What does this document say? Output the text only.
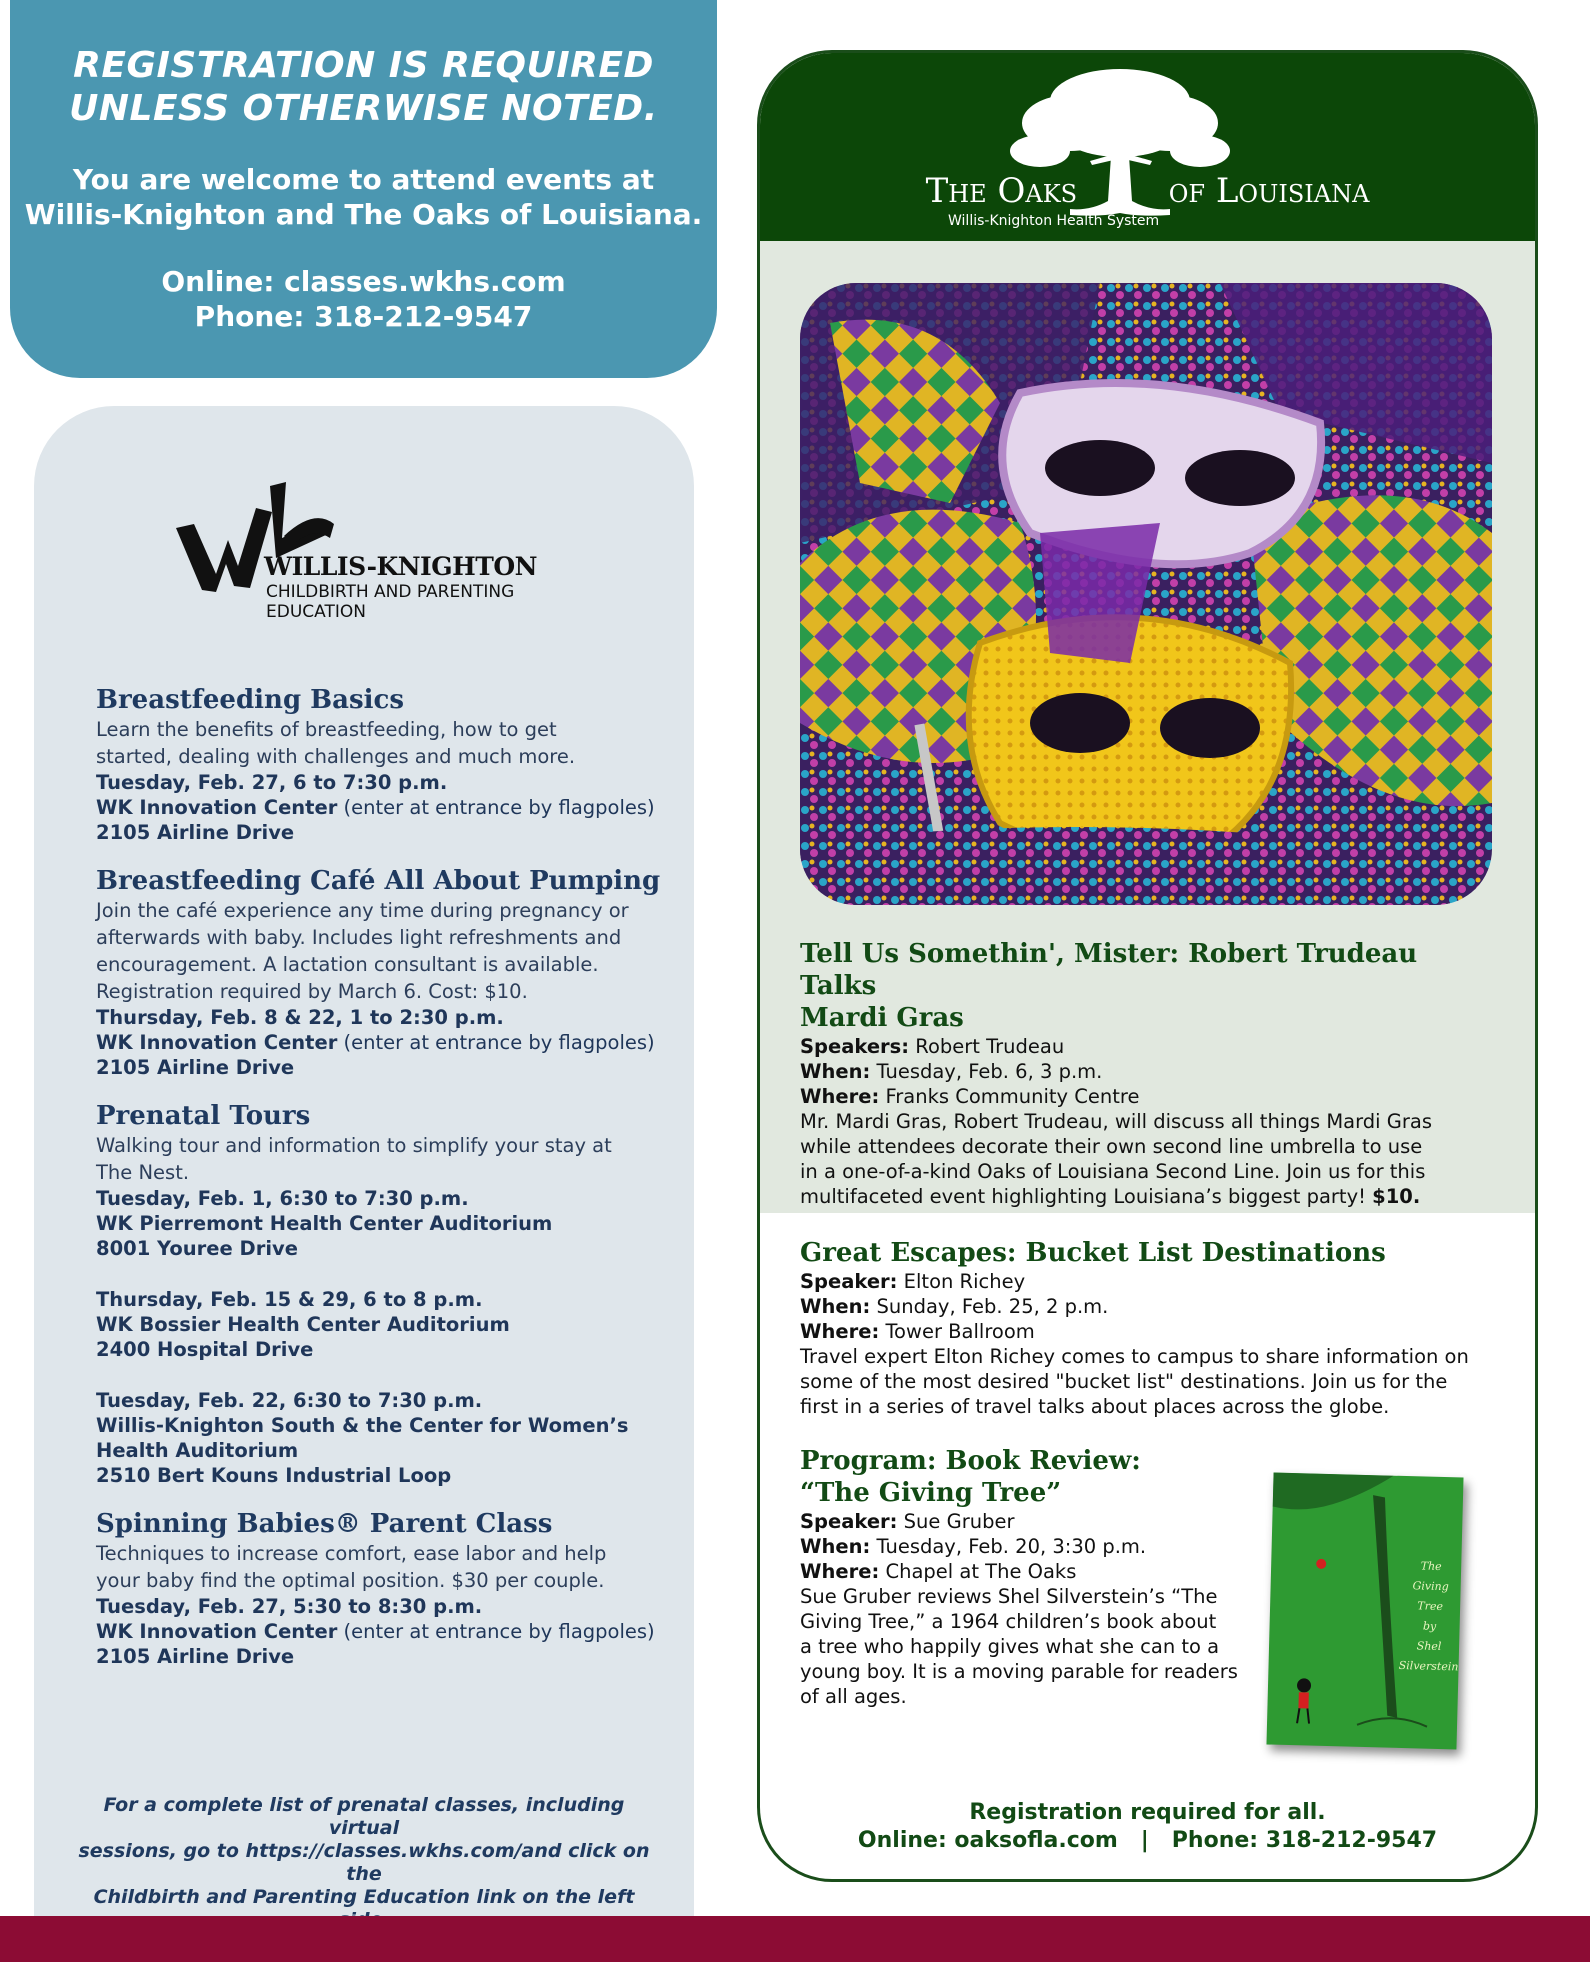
REGISTRATION IS REQUIRED
UNLESS OTHERWISE NOTED.
You are welcome to attend events at
Willis-Knighton and The Oaks of Louisiana.
Online: classes.wkhs.com
Phone: 318-212-9547
WILLIS-KNIGHTON
CHILDBIRTH AND PARENTING
EDUCATION
Breastfeeding Basics
Learn the benefits of breastfeeding, how to get
started, dealing with challenges and much more.
Tuesday, Feb. 27, 6 to 7:30 p.m.
WK Innovation Center (enter at entrance by flagpoles)
2105 Airline Drive
Breastfeeding Café All About Pumping
Join the café experience any time during pregnancy or
afterwards with baby. Includes light refreshments and
encouragement. A lactation consultant is available.
Registration required by March 6. Cost: $10.
Thursday, Feb. 8 & 22, 1 to 2:30 p.m.
WK Innovation Center (enter at entrance by flagpoles)
2105 Airline Drive
Prenatal Tours
Walking tour and information to simplify your stay at
The Nest.
Tuesday, Feb. 1, 6:30 to 7:30 p.m.
WK Pierremont Health Center Auditorium
8001 Youree Drive
Thursday, Feb. 15 & 29, 6 to 8 p.m.
WK Bossier Health Center Auditorium
2400 Hospital Drive
Tuesday, Feb. 22, 6:30 to 7:30 p.m.
Willis-Knighton South & the Center for Women’s
Health Auditorium
2510 Bert Kouns Industrial Loop
Spinning Babies® Parent Class
Techniques to increase comfort, ease labor and help
your baby find the optimal position. $30 per couple.
Tuesday, Feb. 27, 5:30 to 8:30 p.m.
WK Innovation Center (enter at entrance by flagpoles)
2105 Airline Drive
For a complete list of prenatal classes, including virtual
sessions, go to https://classes.wkhs.com/and click on the
Childbirth and Parenting Education link on the left
The Oaks	of Louisiana
Willis-Knighton Health System
Tell Us Somethin', Mister: Robert Trudeau Talks
Mardi Gras
Speakers: Robert Trudeau
When: Tuesday, Feb. 6, 3 p.m.
Where: Franks Community Centre
Mr. Mardi Gras, Robert Trudeau, will discuss all things Mardi Gras
while attendees decorate their own second line umbrella to use
in a one-of-a-kind Oaks of Louisiana Second Line. Join us for this
multifaceted event highlighting Louisiana’s biggest party! $10.
Great Escapes: Bucket List Destinations
Speaker: Elton Richey
When: Sunday, Feb. 25, 2 p.m.
Where: Tower Ballroom
Travel expert Elton Richey comes to campus to share information on
some of the most desired "bucket list" destinations. Join us for the
first in a series of travel talks about places across the globe.
Program: Book Review:
“The Giving Tree”
Speaker: Sue Gruber
When: Tuesday, Feb. 20, 3:30 p.m.
Where: Chapel at The Oaks
Sue Gruber reviews Shel Silverstein’s “The
Giving Tree,” a 1964 children’s book about
a tree who happily gives what she can to a
young boy. It is a moving parable for readers
of all ages.
The
Giving
Tree
by
Shel
Silverstein
Registration required for all.
Online: oaksofla.com   |   Phone: 318-212-9547
